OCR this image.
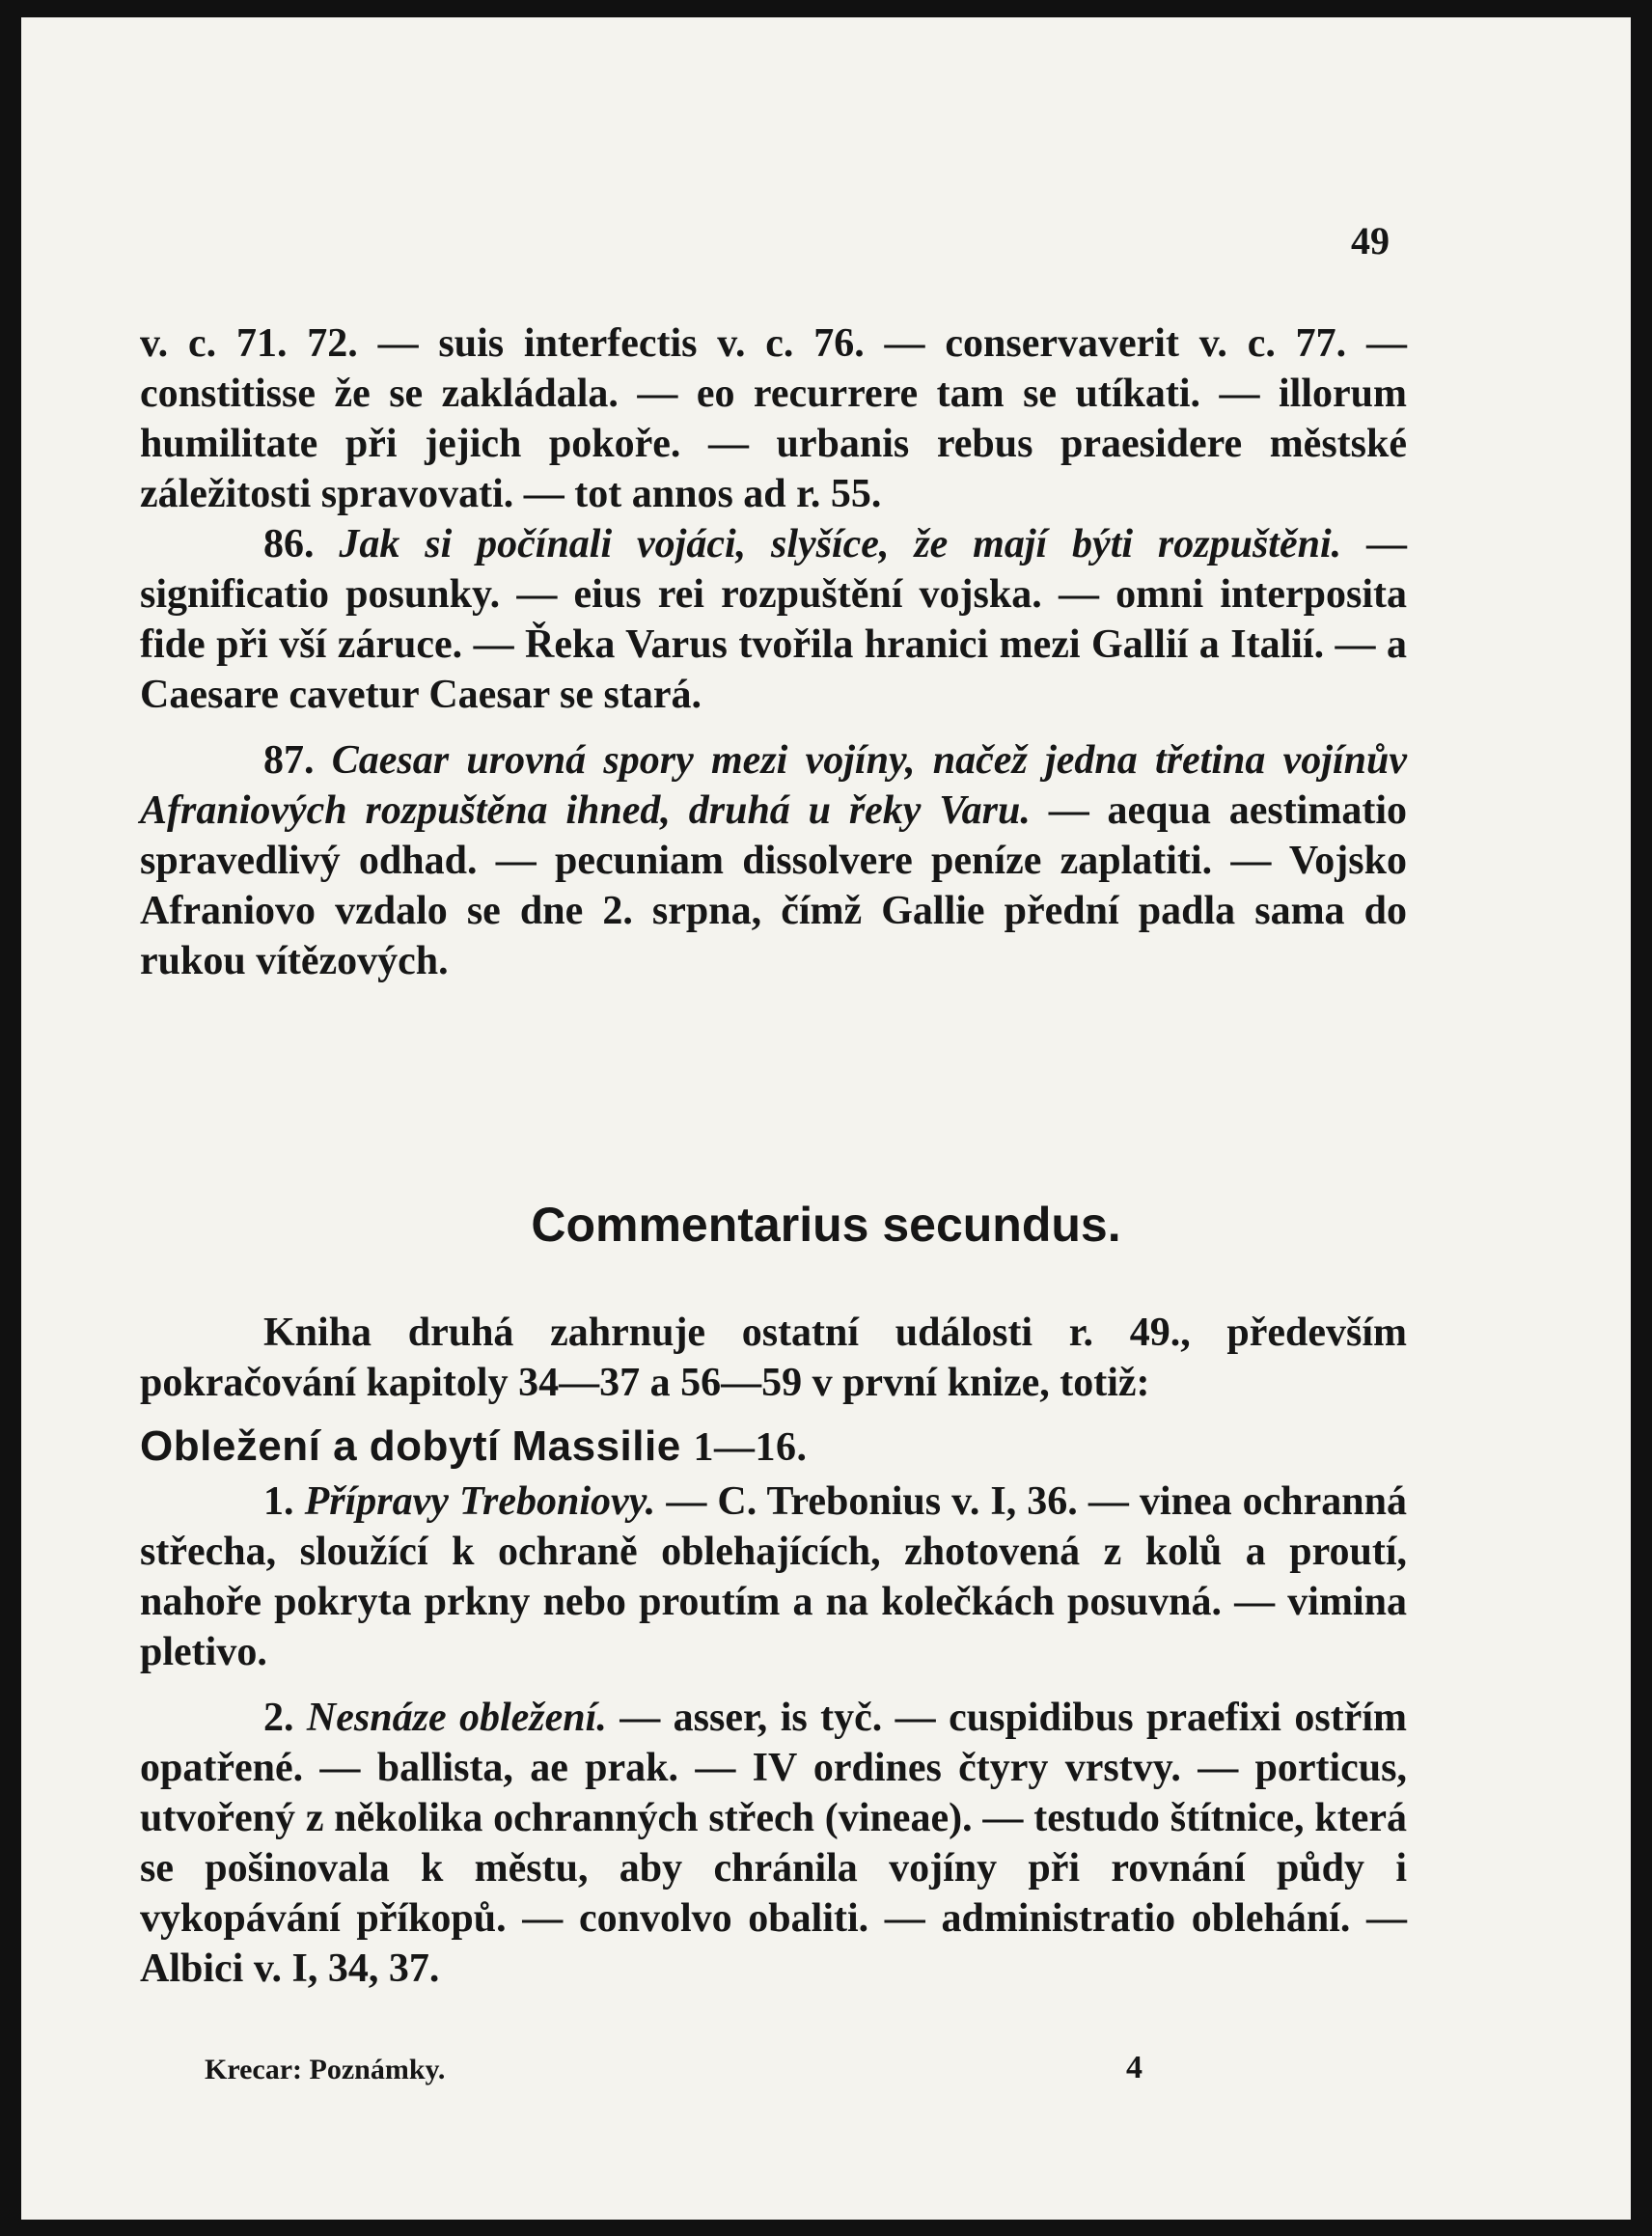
49

v. c. 71. 72. — suis interfectis v. c. 76. — conservaverit v. c. 77. — constitisse že se zakládala. — eo recurrere tam se utíkati. — illorum humilitate při jejich pokoře. — urbanis rebus praesidere městské záležitosti spravovati. — tot annos ad r. 55.

86. Jak si počínali vojáci, slyšíce, že mají býti rozpuštěni. — significatio posunky. — eius rei rozpuštění vojska. — omni interposita fide při vší záruce. — Řeka Varus tvořila hranici mezi Gallií a Italií. — a Caesare cavetur Caesar se stará.

87. Caesar urovná spory mezi vojíny, načež jedna třetina vojínův Afraniových rozpuštěna ihned, druhá u řeky Varu. — aequa aestimatio spravedlivý odhad. — pecuniam dissolvere peníze zaplatiti. — Vojsko Afraniovo vzdalo se dne 2. srpna, čímž Gallie přední padla sama do rukou vítězových.

Commentarius secundus.

Kniha druhá zahrnuje ostatní události r. 49., především pokračování kapitoly 34—37 a 56—59 v první knize, totiž:

Obležení a dobytí Massilie 1—16.

1. Přípravy Treboniovy. — C. Trebonius v. I, 36. — vinea ochranná střecha, sloužící k ochraně oblehajících, zhotovená z kolů a proutí, nahoře pokryta prkny nebo proutím a na kolečkách posuvná. — vimina pletivo.

2. Nesnáze obležení. — asser, is tyč. — cuspidibus praefixi ostřím opatřené. — ballista, ae prak. — IV ordines čtyry vrstvy. — porticus, utvořený z několika ochranných střech (vineae). — testudo štítnice, která se pošinovala k městu, aby chránila vojíny při rovnání půdy i vykopávání příkopů. — convolvo obaliti. — administratio oblehání. — Albici v. I, 34, 37.

Krecar: Poznámky.	4
